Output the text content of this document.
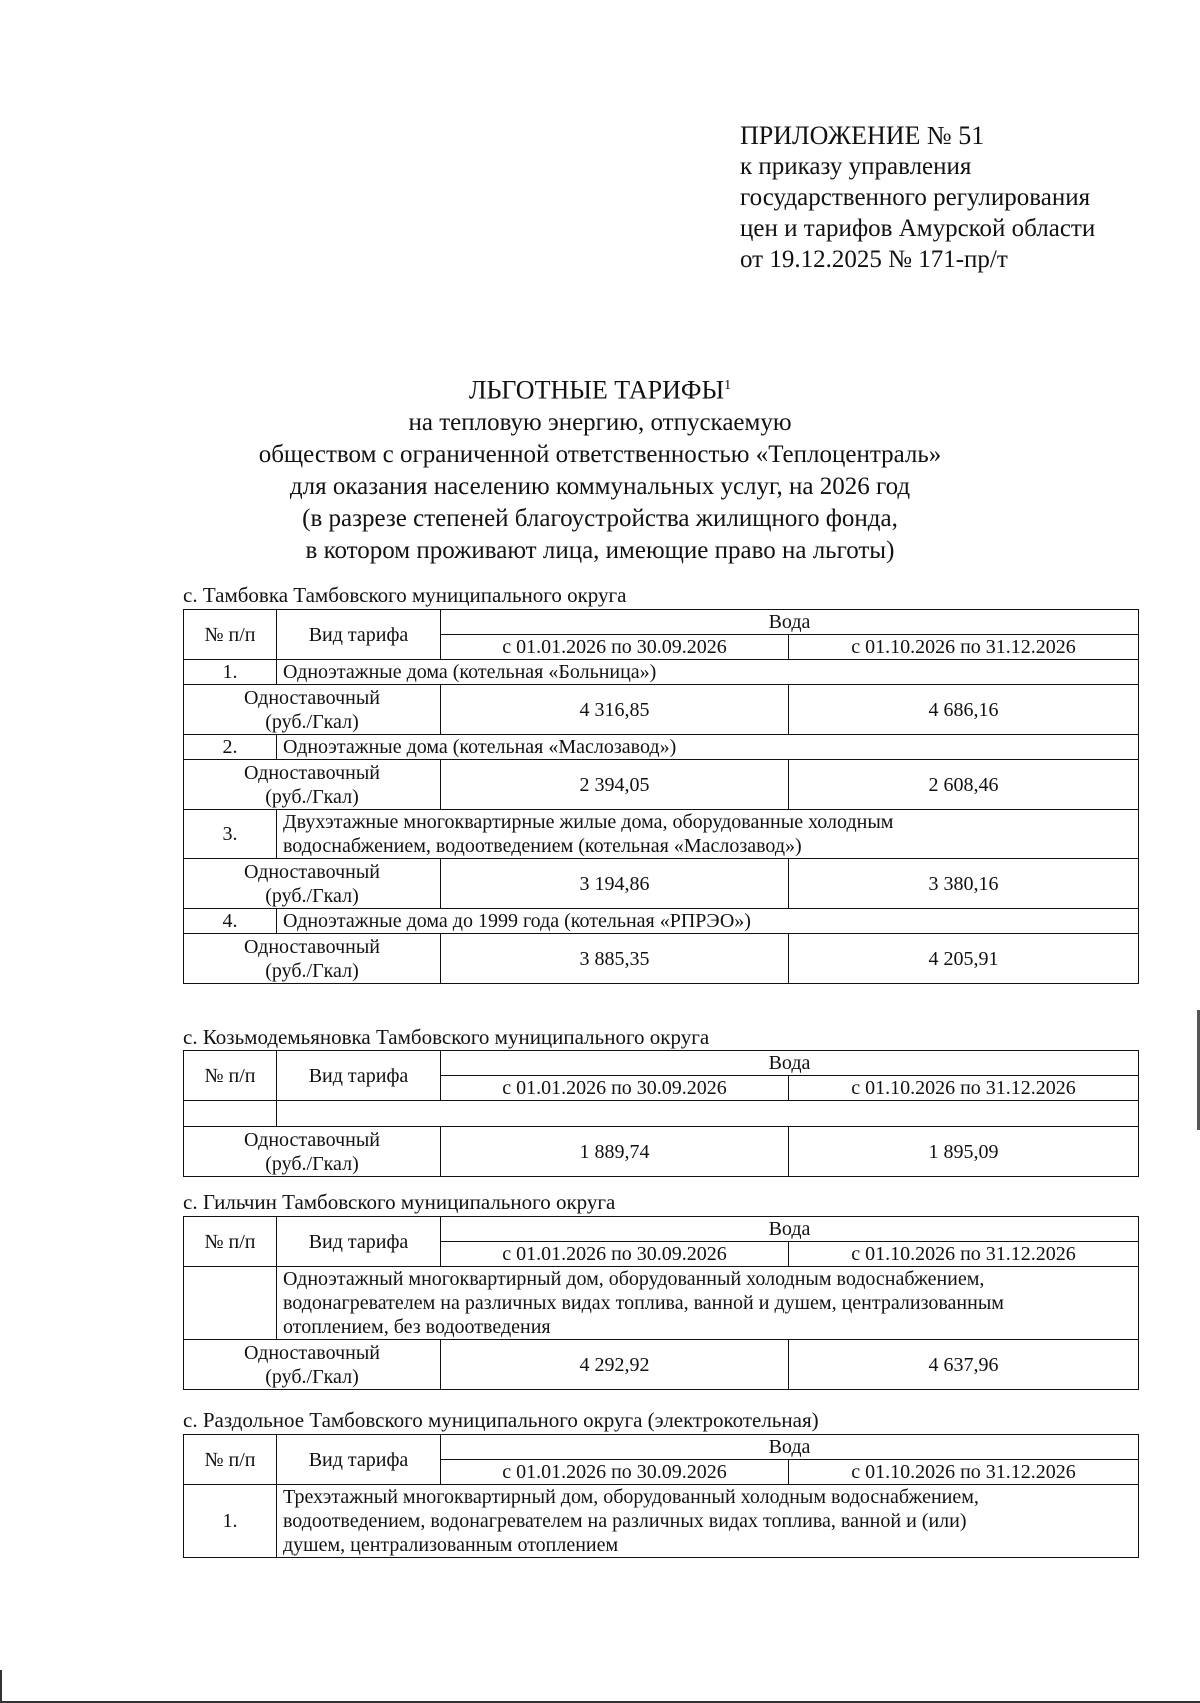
ПРИЛОЖЕНИЕ № 51
к приказу управления
государственного регулирования
цен и тарифов Амурской области
от 19.12.2025 № 171-пр/т
ЛЬГОТНЫЕ ТАРИФЫ$^1$
на тепловую энергию, отпускаемую
обществом с ограниченной ответственностью «Теплоцентраль»
для оказания населению коммунальных услуг, на 2026 год
(в разрезе степеней благоустройства жилищного фонда,
в котором проживают лица, имеющие право на льготы)
с. Тамбовка Тамбовского муниципального округа
№ п/п	Вид тарифа	Вода	
		с 01.01.2026 по 30.09.2026	с 01.10.2026 по 31.12.2026
1.	Одноэтажные дома (котельная «Больница»)		

Одноставочный
(руб./Гкал)		4 316,85	4 686,16
2.	Одноэтажные дома (котельная «Маслозавод»)		

Одноставочный
(руб./Гкал)		2 394,05	2 608,46
3.	Двухэтажные многоквартирные жилые дома, оборудованные холодным
водоснабжением, водоотведением (котельная «Маслозавод»)		

Одноставочный
(руб./Гкал)		3 194,86	3 380,16
4.	Одноэтажные дома до 1999 года (котельная «РПРЭО»)		

Одноставочный
(руб./Гкал)		3 885,35	4 205,91
с. Козьмодемьяновка Тамбовского муниципального округа
№ п/п	Вид тарифа	Вода	
		с 01.01.2026 по 30.09.2026	с 01.10.2026 по 31.12.2026

Одноставочный
(руб./Гкал)		1 889,74	1 895,09
с. Гильчин Тамбовского муниципального округа
№ п/п	Вид тарифа	Вода	
		с 01.01.2026 по 30.09.2026	с 01.10.2026 по 31.12.2026

	Одноэтажный многоквартирный дом, оборудованный холодным водоснабжением,
водонагревателем на различных видах топлива, ванной и душем, централизованным
отоплением, без водоотведения		

Одноставочный
(руб./Гкал)		4 292,92	4 637,96
с. Раздольное Тамбовского муниципального округа (электрокотельная)
№ п/п	Вид тарифа	Вода	
		с 01.01.2026 по 30.09.2026	с 01.10.2026 по 31.12.2026
1.	Трехэтажный многоквартирный дом, оборудованный холодным водоснабжением,
водоотведением, водонагревателем на различных видах топлива, ванной и (или)
душем, централизованным отоплением		
